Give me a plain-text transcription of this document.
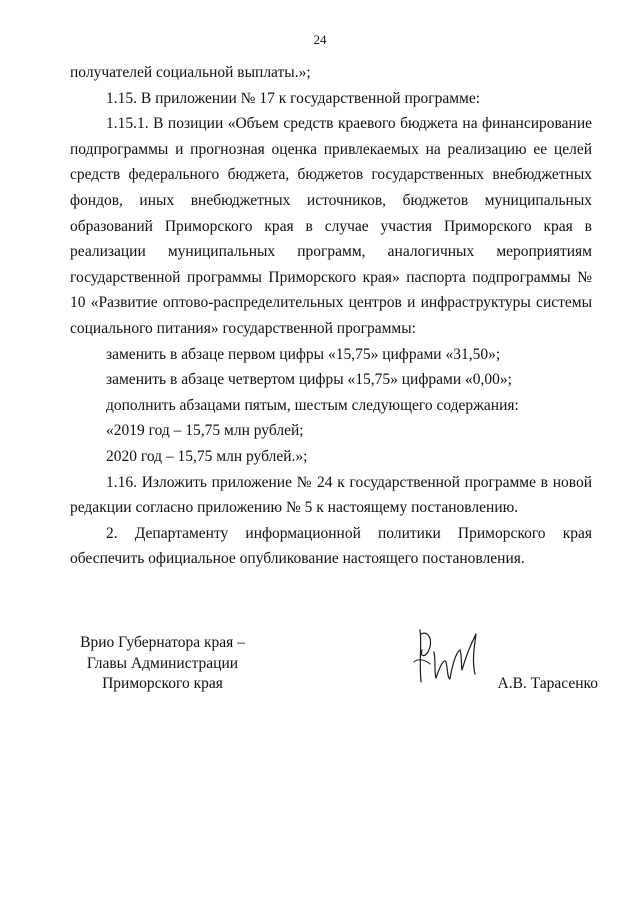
24

получателей социальной выплаты.»;

1.15. В приложении № 17 к государственной программе:

1.15.1. В позиции «Объем средств краевого бюджета на финансирование подпрограммы и прогнозная оценка привлекаемых на реализацию ее целей средств федерального бюджета, бюджетов государственных внебюджетных фондов, иных внебюджетных источников, бюджетов муниципальных образований Приморского края в случае участия Приморского края в реализации муниципальных программ, аналогичных мероприятиям государственной программы Приморского края» паспорта подпрограммы № 10 «Развитие оптово-распределительных центров и инфраструктуры системы социального питания» государственной программы:

заменить в абзаце первом цифры «15,75» цифрами «31,50»;

заменить в абзаце четвертом цифры «15,75» цифрами «0,00»;

дополнить абзацами пятым, шестым следующего содержания:

«2019 год – 15,75 млн рублей;

2020 год – 15,75 млн рублей.»;

1.16. Изложить приложение № 24 к государственной программе в новой редакции согласно приложению № 5 к настоящему постановлению.

2. Департаменту информационной политики Приморского края обеспечить официальное опубликование настоящего постановления.

Врио Губернатора края –
Главы Администрации
Приморского края	А.В. Тарасенко
